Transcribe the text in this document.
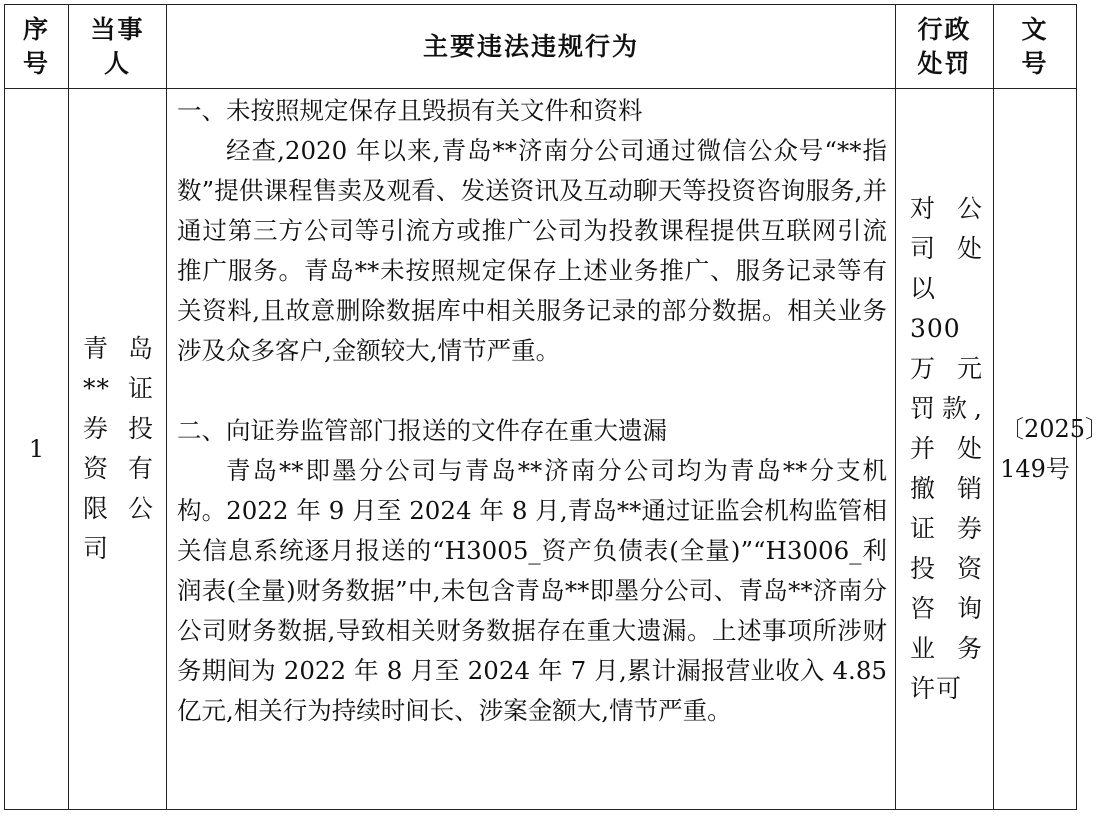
序号	当事人	主要违法违规行为	行政处罚	文号
1	青岛**证券投资有限公司	一、未按照规定保存且毁损有关文件和资料

经查,2020 年以来,青岛**济南分公司通过微信公众号“**指数”提供课程售卖及观看、发送资讯及互动聊天等投资咨询服务,并通过第三方公司等引流方或推广公司为投教课程提供互联网引流推广服务。青岛**未按照规定保存上述业务推广、服务记录等有关资料,且故意删除数据库中相关服务记录的部分数据。相关业务涉及众多客户,金额较大,情节严重。

二、向证券监管部门报送的文件存在重大遗漏

青岛**即墨分公司与青岛**济南分公司均为青岛**分支机构。2022 年 9 月至 2024 年 8 月,青岛**通过证监会机构监管相关信息系统逐月报送的“H3005_资产负债表(全量)”“H3006_利润表(全量)财务数据”中,未包含青岛**即墨分公司、青岛**济南分公司财务数据,导致相关财务数据存在重大遗漏。上述事项所涉财务期间为 2022 年 8 月至 2024 年 7 月,累计漏报营业收入 4.85 亿元,相关行为持续时间长、涉案金额大,情节严重。	对公司处以300万元罚款,并处撤销证券投资咨询业务许可	〔2025〕149号
